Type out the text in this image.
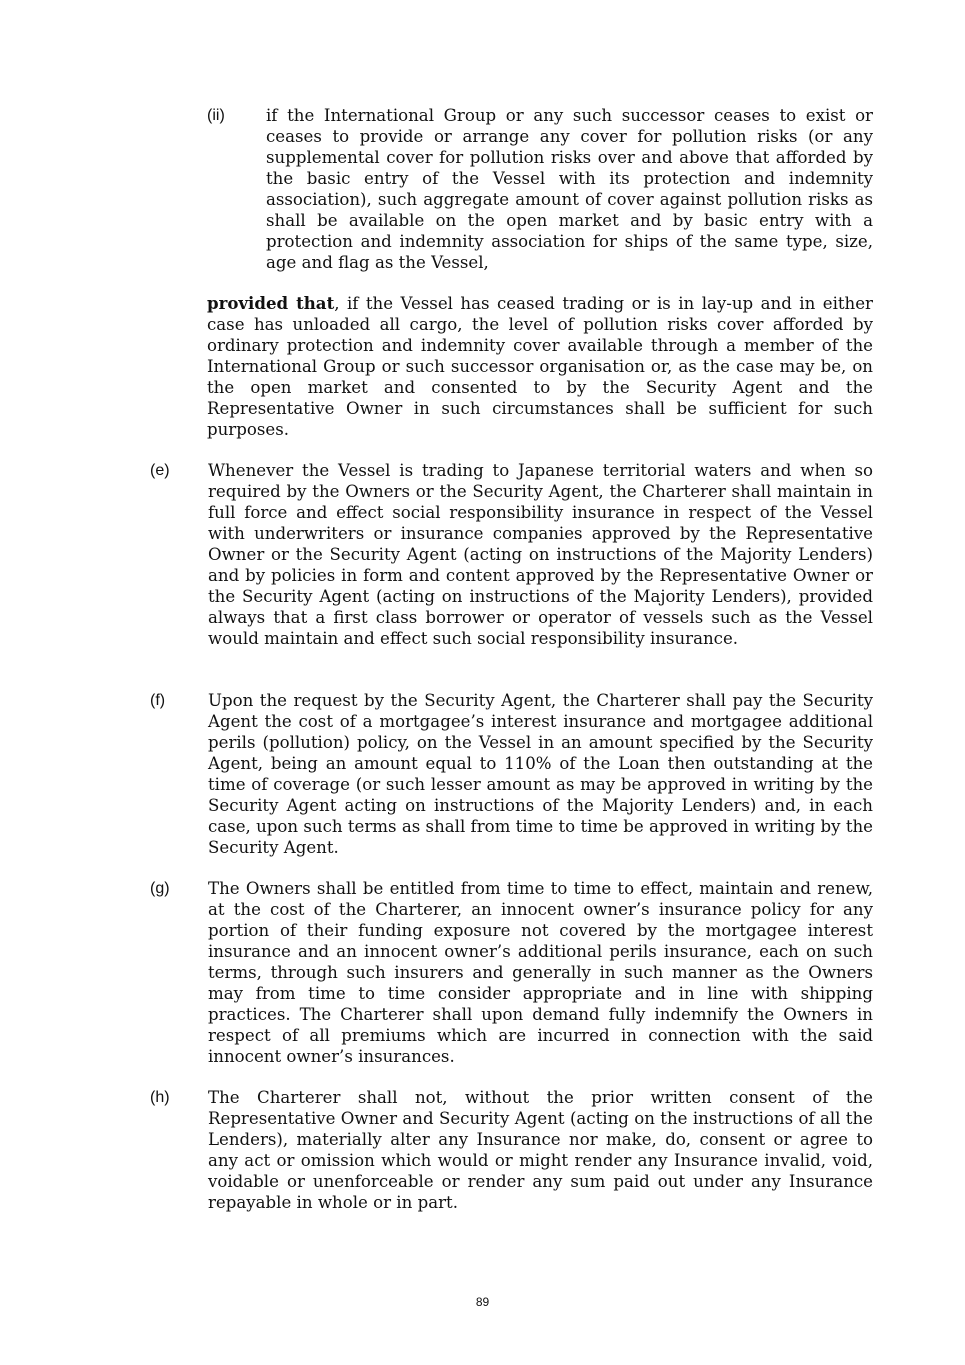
(ii) if the International Group or any such successor ceases to exist or ceases to provide or arrange any cover for pollution risks (or any supplemental cover for pollution risks over and above that afforded by the basic entry of the Vessel with its protection and indemnity association), such aggregate amount of cover against pollution risks as shall be available on the open market and by basic entry with a protection and indemnity association for ships of the same type, size, age and flag as the Vessel,
provided that, if the Vessel has ceased trading or is in lay-up and in either case has unloaded all cargo, the level of pollution risks cover afforded by ordinary protection and indemnity cover available through a member of the International Group or such successor organisation or, as the case may be, on the open market and consented to by the Security Agent and the Representative Owner in such circumstances shall be sufficient for such purposes.
(e) Whenever the Vessel is trading to Japanese territorial waters and when so required by the Owners or the Security Agent, the Charterer shall maintain in full force and effect social responsibility insurance in respect of the Vessel with underwriters or insurance companies approved by the Representative Owner or the Security Agent (acting on instructions of the Majority Lenders) and by policies in form and content approved by the Representative Owner or the Security Agent (acting on instructions of the Majority Lenders), provided always that a first class borrower or operator of vessels such as the Vessel would maintain and effect such social responsibility insurance.
(f)	Upon the request by the Security Agent, the Charterer shall pay the Security Agent the cost of a mortgagee’s interest insurance and mortgagee additional perils (pollution) policy, on the Vessel in an amount specified by the Security Agent, being an amount equal to 110% of the Loan then outstanding at the time of coverage (or such lesser amount as may be approved in writing by the Security Agent acting on instructions of the Majority Lenders) and, in each case, upon such terms as shall from time to time be approved in writing by the Security Agent.
(g) The Owners shall be entitled from time to time to effect, maintain and renew, at the cost of the Charterer, an innocent owner’s insurance policy for any portion of their funding exposure not covered by the mortgagee interest insurance and an innocent owner’s additional perils insurance, each on such terms, through such insurers and generally in such manner as the Owners may from time to time consider appropriate and in line with shipping practices. The Charterer shall upon demand fully indemnify the Owners in respect of all premiums which are incurred in connection with the said innocent owner’s insurances.
(h) The Charterer shall not, without the prior written consent of the Representative Owner and Security Agent (acting on the instructions of all the Lenders), materially alter any Insurance nor make, do, consent or agree to any act or omission which would or might render any Insurance invalid, void, voidable or unenforceable or render any sum paid out under any Insurance repayable in whole or in part.
89
